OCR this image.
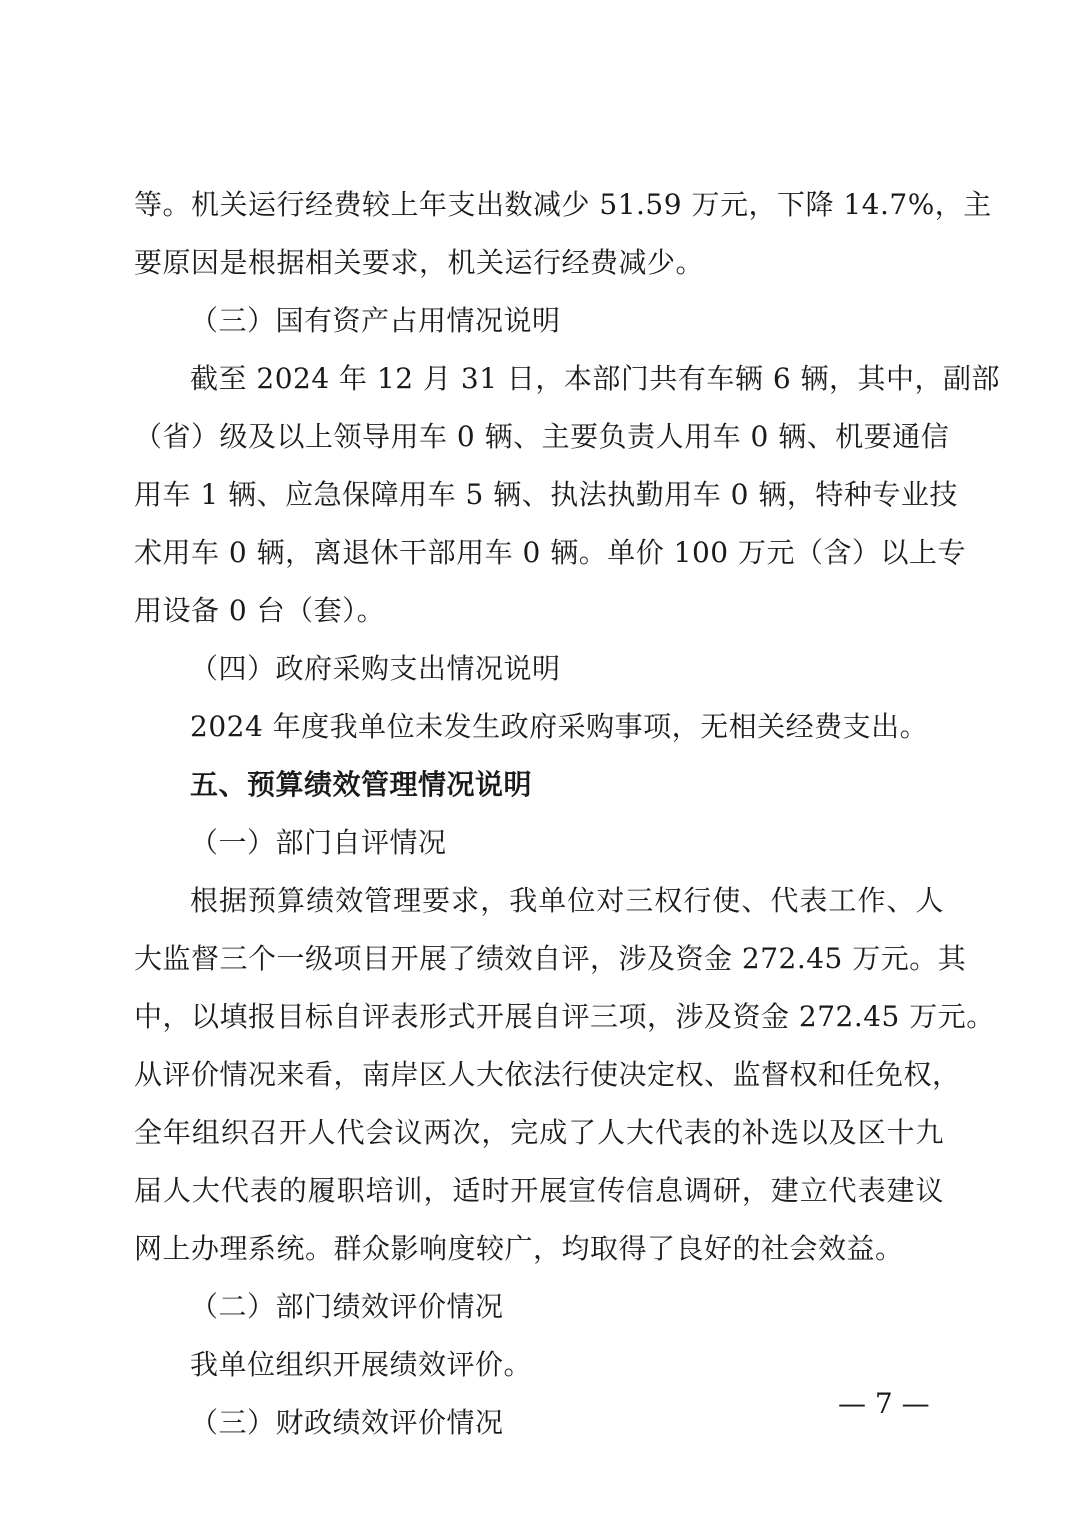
等。机关运行经费较上年支出数减少 51.59 万元，下降 14.7%，主
要原因是根据相关要求，机关运行经费减少。
（三）国有资产占用情况说明
截至 2024 年 12 月 31 日，本部门共有车辆 6 辆，其中，副部
（省）级及以上领导用车 0 辆、主要负责人用车 0 辆、机要通信
用车 1 辆、应急保障用车 5 辆、执法执勤用车 0 辆，特种专业技
术用车 0 辆，离退休干部用车 0 辆。单价 100 万元（含）以上专
用设备 0 台（套）。
（四）政府采购支出情况说明
2024 年度我单位未发生政府采购事项，无相关经费支出。
五、预算绩效管理情况说明
（一）部门自评情况
根据预算绩效管理要求，我单位对三权行使、代表工作、人
大监督三个一级项目开展了绩效自评，涉及资金 272.45 万元。其
中，以填报目标自评表形式开展自评三项，涉及资金 272.45 万元。
从评价情况来看，南岸区人大依法行使决定权、监督权和任免权，
全年组织召开人代会议两次，完成了人大代表的补选以及区十九
届人大代表的履职培训，适时开展宣传信息调研，建立代表建议
网上办理系统。群众影响度较广，均取得了良好的社会效益。
（二）部门绩效评价情况
我单位组织开展绩效评价。
（三）财政绩效评价情况
— 7 —
